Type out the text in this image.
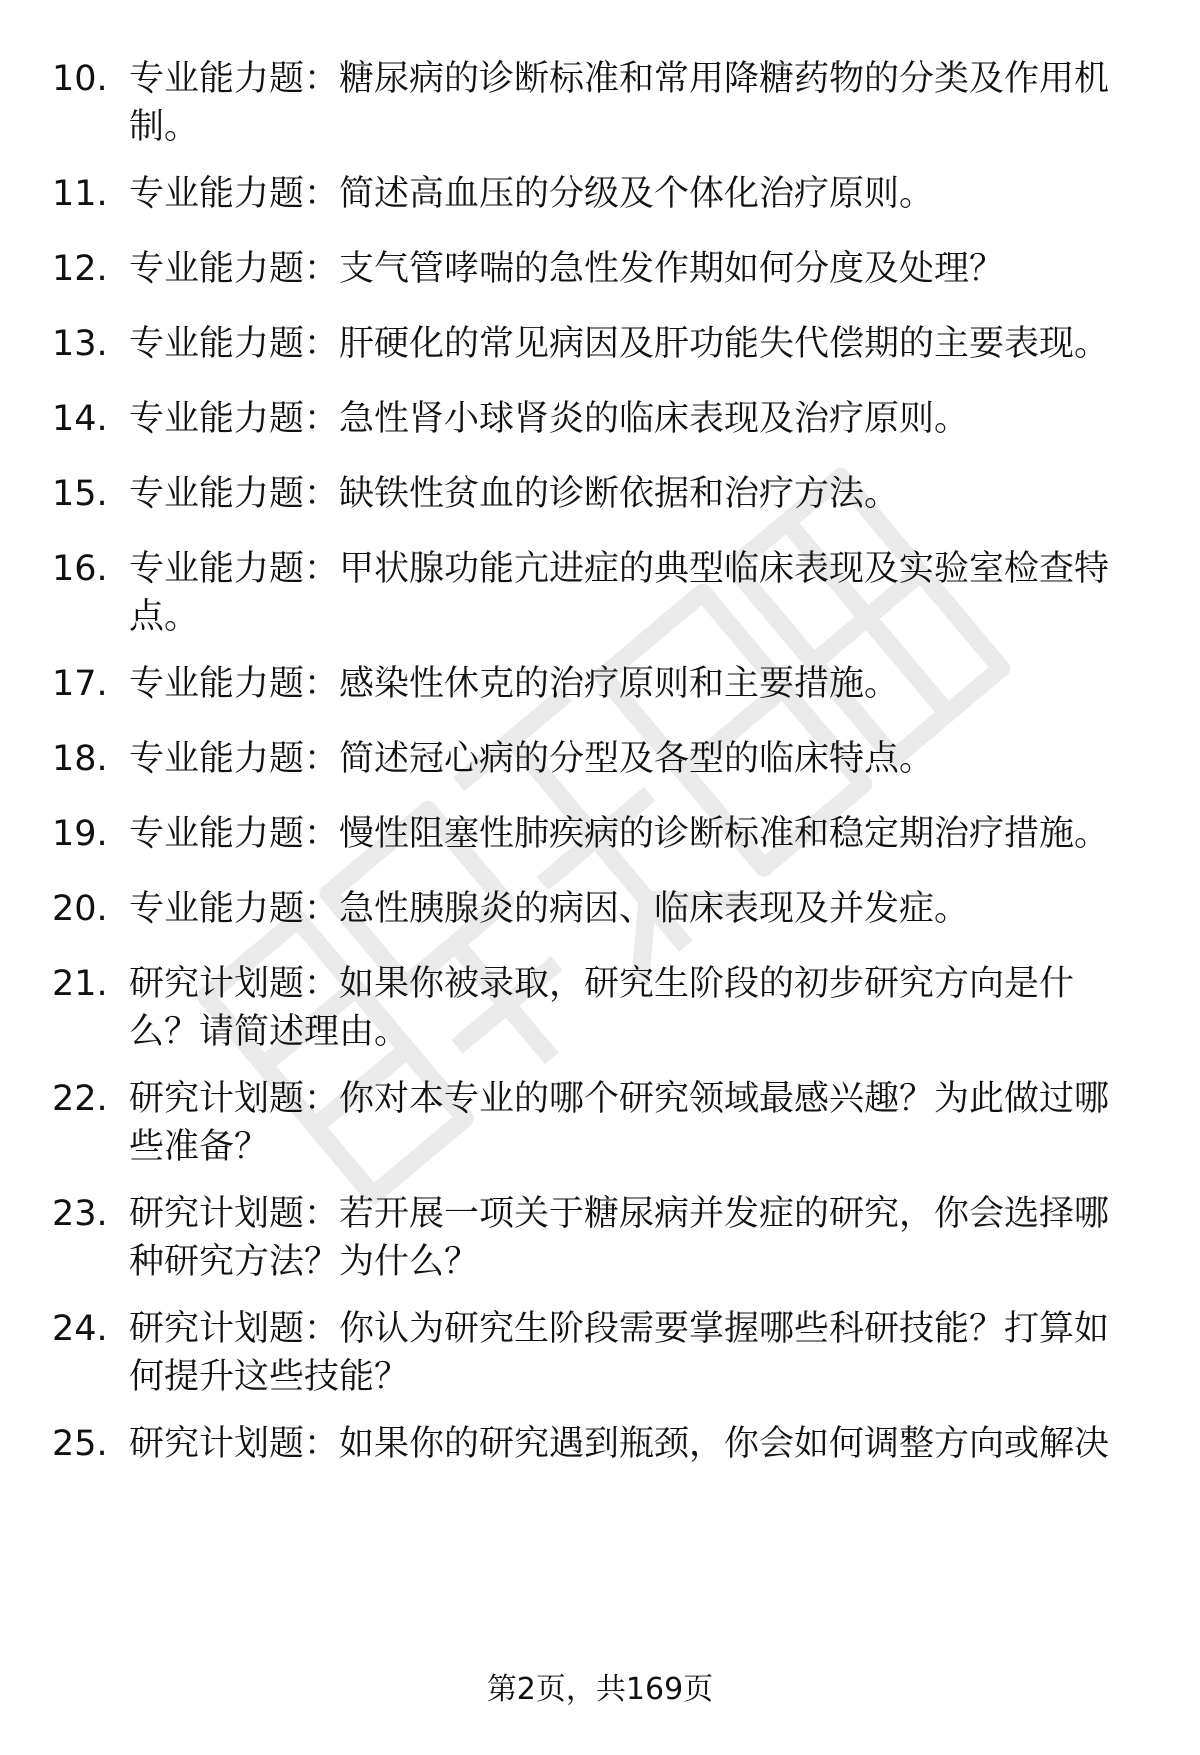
10. 专业能力题：糖尿病的诊断标准和常用降糖药物的分类及作用机
制。
11. 专业能力题：简述高血压的分级及个体化治疗原则。
12. 专业能力题：支气管哮喘的急性发作期如何分度及处理？
13. 专业能力题：肝硬化的常见病因及肝功能失代偿期的主要表现。
14. 专业能力题：急性肾小球肾炎的临床表现及治疗原则。
15. 专业能力题：缺铁性贫血的诊断依据和治疗方法。
16. 专业能力题：甲状腺功能亢进症的典型临床表现及实验室检查特
点。
17. 专业能力题：感染性休克的治疗原则和主要措施。
18. 专业能力题：简述冠心病的分型及各型的临床特点。
19. 专业能力题：慢性阻塞性肺疾病的诊断标准和稳定期治疗措施。
20. 专业能力题：急性胰腺炎的病因、临床表现及并发症。
21. 研究计划题：如果你被录取，研究生阶段的初步研究方向是什
么？请简述理由。
22. 研究计划题：你对本专业的哪个研究领域最感兴趣？为此做过哪
些准备？
23. 研究计划题：若开展一项关于糖尿病并发症的研究，你会选择哪
种研究方法？为什么？
24. 研究计划题：你认为研究生阶段需要掌握哪些科研技能？打算如
何提升这些技能？
25. 研究计划题：如果你的研究遇到瓶颈，你会如何调整方向或解决
第2页，共169页
